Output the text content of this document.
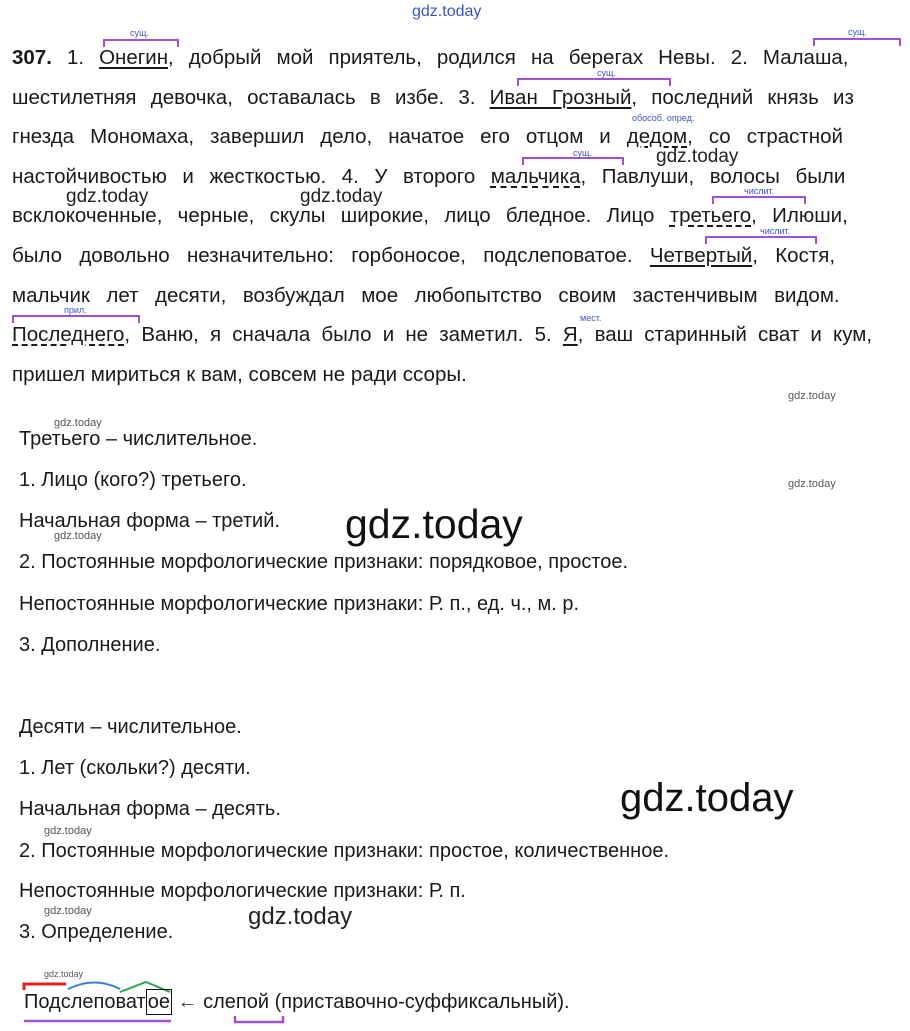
gdz.today
307. 1. Онегин, добрый мой приятель, родился на берегах Невы. 2. Малаша,
шестилетняя девочка, оставалась в избе. 3. Иван Грозный, последний князь из
гнезда Мономаха, завершил дело, начатое его отцом и дедом, со страстной
настойчивостью и жесткостью. 4. У второго мальчика, Павлуши, волосы были
всклокоченные, черные, скулы широкие, лицо бледное. Лицо третьего, Илюши,
было довольно незначительно: горбоносое, подслеповатое. Четвертый, Костя,
мальчик лет десяти, возбуждал мое любопытство своим застенчивым видом.
Последнего, Ваню, я сначала было и не заметил. 5. Я, ваш старинный сват и кум,
пришел мириться к вам, совсем не ради ссоры.
сущ.	сущ.
сущ.
обособ. опред.
сущ.
числит.
числит.
прил.
мест.
gdz.today
gdz.today	gdz.today
gdz.today
gdz.today
gdz.today
gdz.today
gdz.today
gdz.today
gdz.today
gdz.today	gdz.today
gdz.today
Третьего – числительное.
1. Лицо (кого?) третьего.
Начальная форма – третий.
2. Постоянные морфологические признаки: порядковое, простое.
Непостоянные морфологические признаки: Р. п., ед. ч., м. р.
3. Дополнение.
Десяти – числительное.
1. Лет (скольки?) десяти.
Начальная форма – десять.
2. Постоянные морфологические признаки: простое, количественное.
Непостоянные морфологические признаки: Р. п.
3. Определение.
Подслеповат ое ← слепой (приставочно-суффиксальный).
